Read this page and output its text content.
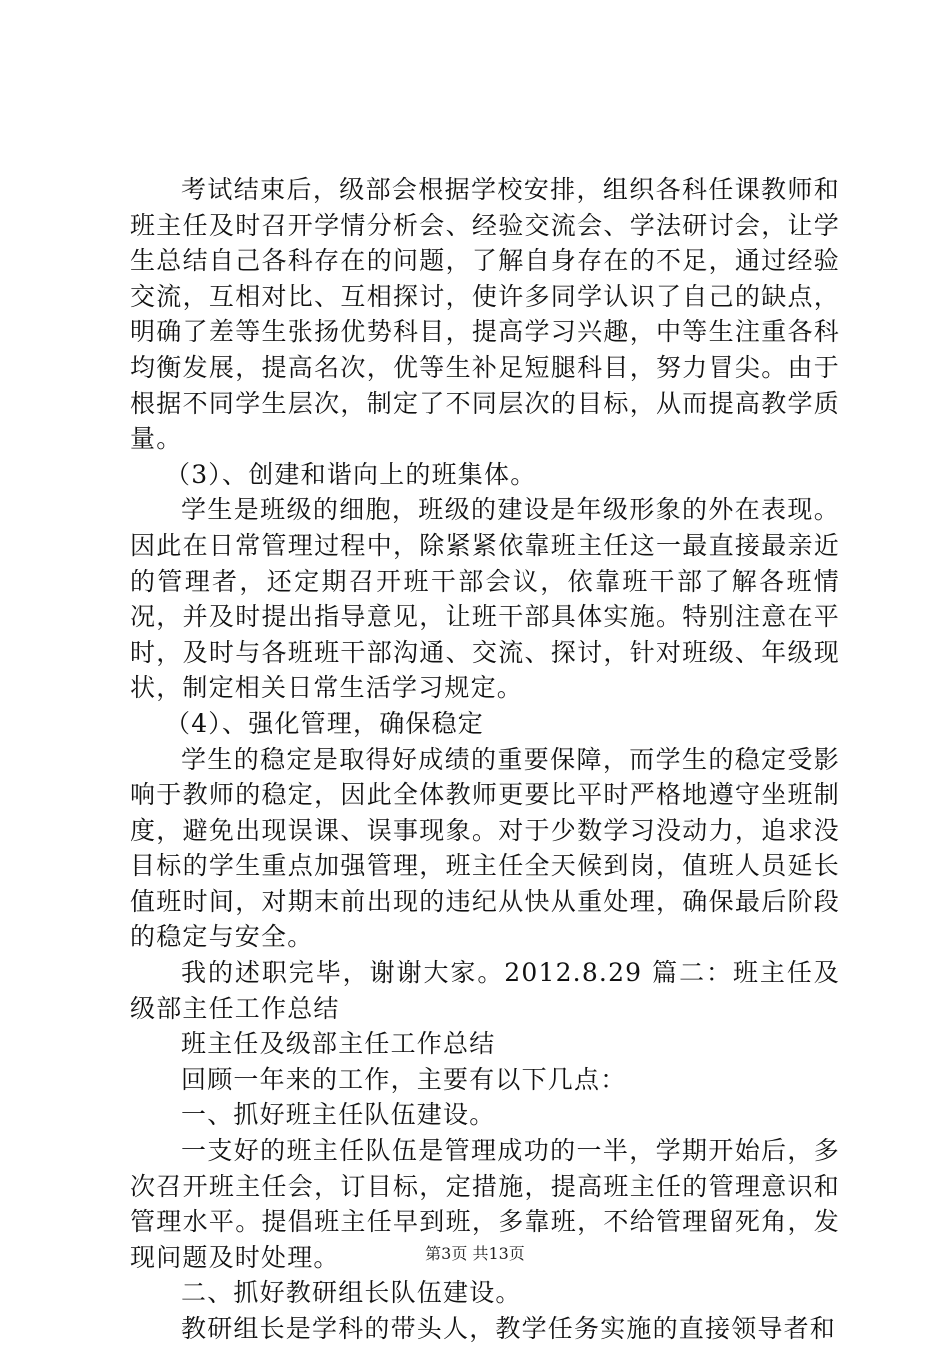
考试结束后，级部会根据学校安排，组织各科任课教师和班主任及时召开学情分析会、经验交流会、学法研讨会，让学生总结自己各科存在的问题，了解自身存在的不足，通过经验交流，互相对比、互相探讨，使许多同学认识了自己的缺点，明确了差等生张扬优势科目，提高学习兴趣，中等生注重各科均衡发展，提高名次，优等生补足短腿科目，努力冒尖。由于根据不同学生层次，制定了不同层次的目标，从而提高教学质量。

（3）、创建和谐向上的班集体。

学生是班级的细胞，班级的建设是年级形象的外在表现。因此在日常管理过程中，除紧紧依靠班主任这一最直接最亲近的管理者，还定期召开班干部会议，依靠班干部了解各班情况，并及时提出指导意见，让班干部具体实施。特别注意在平时，及时与各班班干部沟通、交流、探讨，针对班级、年级现状，制定相关日常生活学习规定。

（4）、强化管理，确保稳定

学生的稳定是取得好成绩的重要保障，而学生的稳定受影响于教师的稳定，因此全体教师更要比平时严格地遵守坐班制度，避免出现误课、误事现象。对于少数学习没动力，追求没目标的学生重点加强管理，班主任全天候到岗，值班人员延长值班时间，对期末前出现的违纪从快从重处理，确保最后阶段的稳定与安全。

我的述职完毕，谢谢大家。2012.8.29 篇二：班主任及级部主任工作总结

班主任及级部主任工作总结

回顾一年来的工作，主要有以下几点：

一、抓好班主任队伍建设。

一支好的班主任队伍是管理成功的一半，学期开始后，多次召开班主任会，订目标，定措施，提高班主任的管理意识和管理水平。提倡班主任早到班，多靠班，不给管理留死角，发现问题及时处理。

二、抓好教研组长队伍建设。

教研组长是学科的带头人，教学任务实施的直接领导者和

第3页 共13页
